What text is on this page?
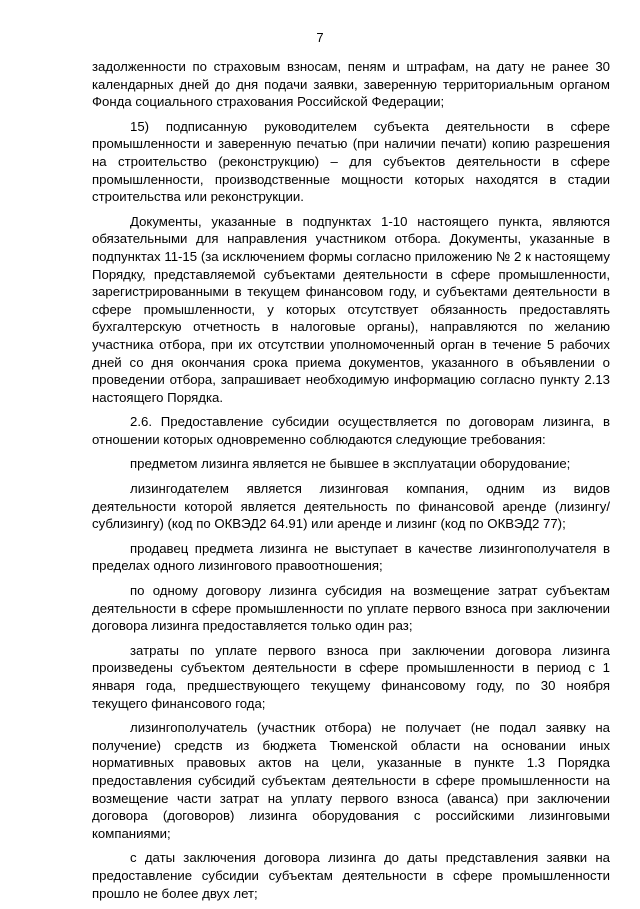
7

задолженности по страховым взносам, пеням и штрафам, на дату не ранее 30 календарных дней до дня подачи заявки, заверенную территориальным органом Фонда социального страхования Российской Федерации;

15) подписанную руководителем субъекта деятельности в сфере промышленности и заверенную печатью (при наличии печати) копию разрешения на строительство (реконструкцию) – для субъектов деятельности в сфере промышленности, производственные мощности которых находятся в стадии строительства или реконструкции.

Документы, указанные в подпунктах 1-10 настоящего пункта, являются обязательными для направления участником отбора. Документы, указанные в подпунктах 11-15 (за исключением формы согласно приложению № 2 к настоящему Порядку, представляемой субъектами деятельности в сфере промышленности, зарегистрированными в текущем финансовом году, и субъектами деятельности в сфере промышленности, у которых отсутствует обязанность предоставлять бухгалтерскую отчетность в налоговые органы), направляются по желанию участника отбора, при их отсутствии уполномоченный орган в течение 5 рабочих дней со дня окончания срока приема документов, указанного в объявлении о проведении отбора, запрашивает необходимую информацию согласно пункту 2.13 настоящего Порядка.

2.6. Предоставление субсидии осуществляется по договорам лизинга, в отношении которых одновременно соблюдаются следующие требования:

предметом лизинга является не бывшее в эксплуатации оборудование;

лизингодателем является лизинговая компания, одним из видов деятельности которой является деятельность по финансовой аренде (лизингу/сублизингу) (код по ОКВЭД2 64.91) или аренде и лизинг (код по ОКВЭД2 77);

продавец предмета лизинга не выступает в качестве лизингополучателя в пределах одного лизингового правоотношения;

по одному договору лизинга субсидия на возмещение затрат субъектам деятельности в сфере промышленности по уплате первого взноса при заключении договора лизинга предоставляется только один раз;

затраты по уплате первого взноса при заключении договора лизинга произведены субъектом деятельности в сфере промышленности в период с 1 января года, предшествующего текущему финансовому году, по 30 ноября текущего финансового года;

лизингополучатель (участник отбора) не получает (не подал заявку на получение) средств из бюджета Тюменской области на основании иных нормативных правовых актов на цели, указанные в пункте 1.3 Порядка предоставления субсидий субъектам деятельности в сфере промышленности на возмещение части затрат на уплату первого взноса (аванса) при заключении договора (договоров) лизинга оборудования с российскими лизинговыми компаниями;

с даты заключения договора лизинга до даты представления заявки на предоставление субсидии субъектам деятельности в сфере промышленности прошло не более двух лет;
